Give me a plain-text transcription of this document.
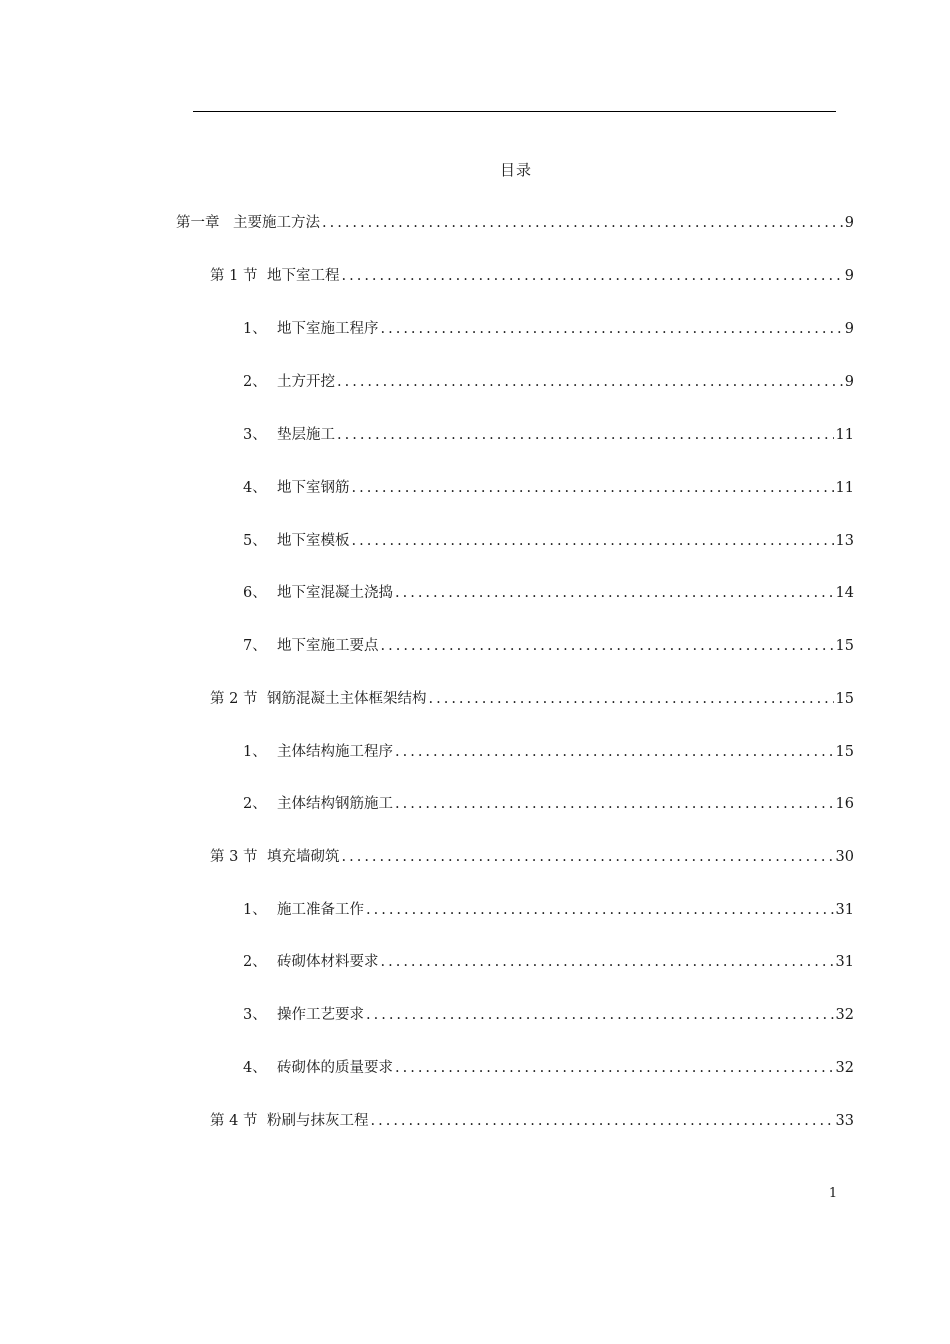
目录
第一章 主要施工方法 .....	9
第 1 节 地下室工程 .....	9
1、 地下室施工程序 .....	9
2、 土方开挖 .....	9
3、 垫层施工 .....	11
4、 地下室钢筋 .....	11
5、 地下室模板 .....	13
6、 地下室混凝土浇捣 .....	14
7、 地下室施工要点 .....	15
第 2 节 钢筋混凝土主体框架结构 .....	15
1、 主体结构施工程序 .....	15
2、 主体结构钢筋施工 .....	16
第 3 节 填充墙砌筑 .....	30
1、 施工准备工作 .....	31
2、 砖砌体材料要求 .....	31
3、 操作工艺要求 .....	32
4、 砖砌体的质量要求 .....	32
第 4 节 粉刷与抹灰工程 .....	33
1
